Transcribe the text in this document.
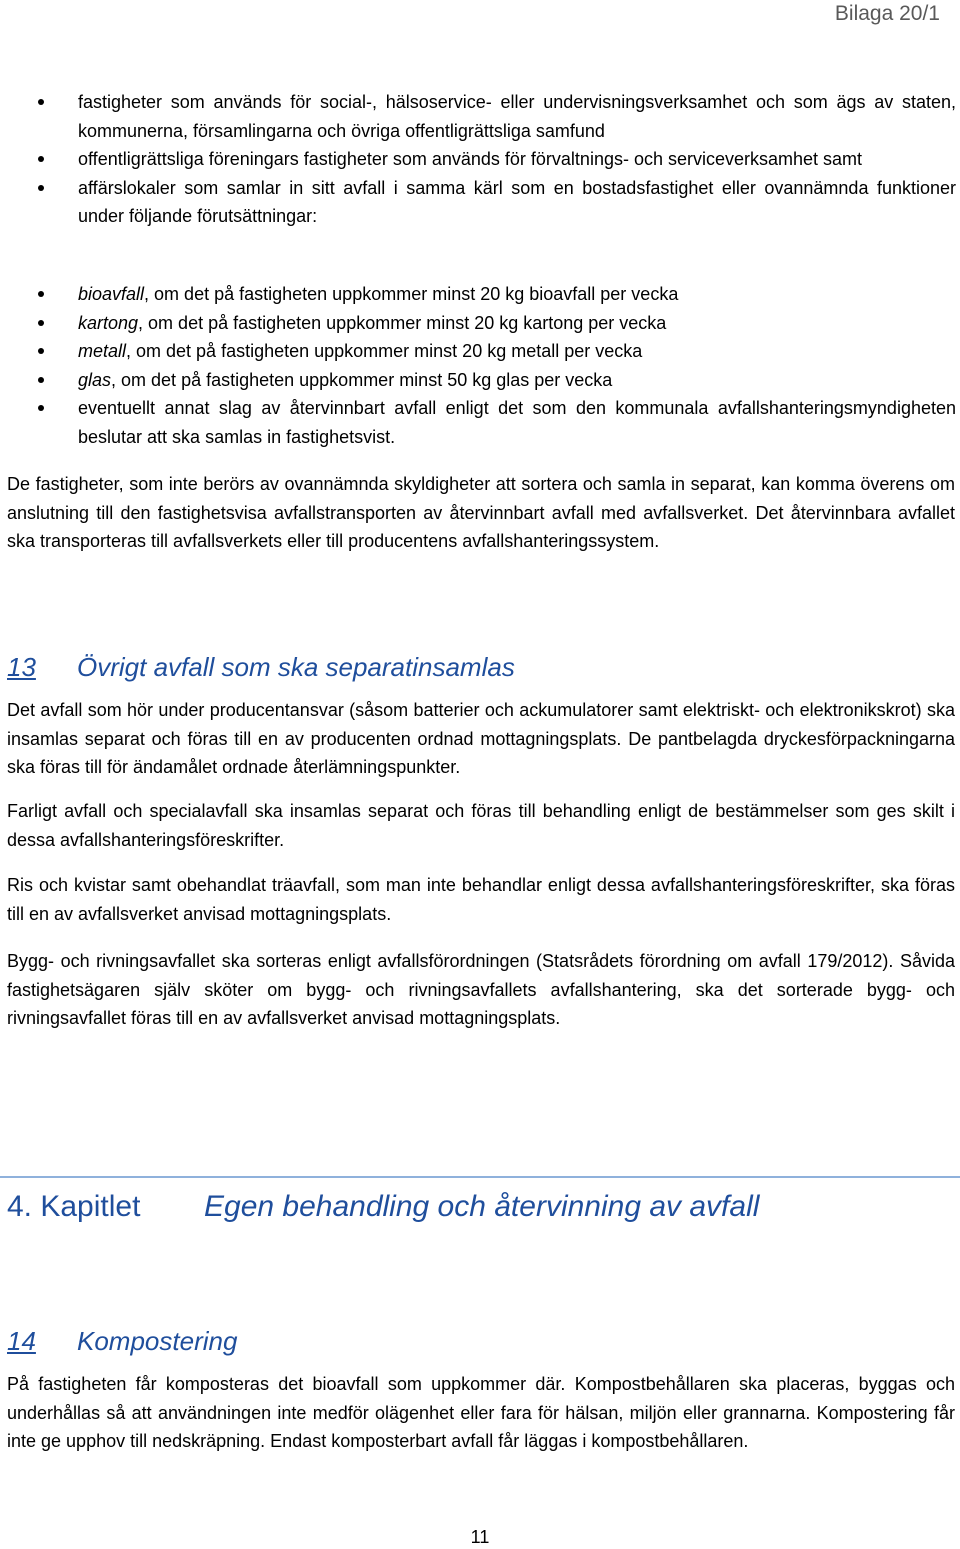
Bilaga 20/1
fastigheter som används för social-, hälsoservice- eller undervisningsverksamhet och som ägs av staten, kommunerna, församlingarna och övriga offentligrättsliga samfund
offentligrättsliga föreningars fastigheter som används för förvaltnings- och serviceverksamhet samt
affärslokaler som samlar in sitt avfall i samma kärl som en bostadsfastighet eller ovannämnda funktioner under följande förutsättningar:
bioavfall, om det på fastigheten uppkommer minst 20 kg bioavfall per vecka
kartong, om det på fastigheten uppkommer minst 20 kg kartong per vecka
metall, om det på fastigheten uppkommer minst 20 kg metall per vecka
glas, om det på fastigheten uppkommer minst 50 kg glas per vecka
eventuellt annat slag av återvinnbart avfall enligt det som den kommunala avfallshanteringsmyndigheten beslutar att ska samlas in fastighetsvist.

De fastigheter, som inte berörs av ovannämnda skyldigheter att sortera och samla in separat, kan komma överens om anslutning till den fastighetsvisa avfallstransporten av återvinnbart avfall med avfallsverket. Det återvinnbara avfallet ska transporteras till avfallsverkets eller till producentens avfallshanteringssystem.

13 Övrigt avfall som ska separatinsamlas

Det avfall som hör under producentansvar (såsom batterier och ackumulatorer samt elektriskt- och elektronikskrot) ska insamlas separat och föras till en av producenten ordnad mottagningsplats. De pantbelagda dryckesförpackningarna ska föras till för ändamålet ordnade återlämningspunkter.

Farligt avfall och specialavfall ska insamlas separat och föras till behandling enligt de bestämmelser som ges skilt i dessa avfallshanteringsföreskrifter.

Ris och kvistar samt obehandlat träavfall, som man inte behandlar enligt dessa avfallshanteringsföreskrifter, ska föras till en av avfallsverket anvisad mottagningsplats.

Bygg- och rivningsavfallet ska sorteras enligt avfallsförordningen (Statsrådets förordning om avfall 179/2012). Såvida fastighetsägaren själv sköter om bygg- och rivningsavfallets avfallshantering, ska det sorterade bygg- och rivningsavfallet föras till en av avfallsverket anvisad mottagningsplats.

4. Kapitlet Egen behandling och återvinning av avfall
14 Kompostering

På fastigheten får komposteras det bioavfall som uppkommer där. Kompostbehållaren ska placeras, byggas och underhållas så att användningen inte medför olägenhet eller fara för hälsan, miljön eller grannarna. Kompostering får inte ge upphov till nedskräpning. Endast komposterbart avfall får läggas i kompostbehållaren.

11
